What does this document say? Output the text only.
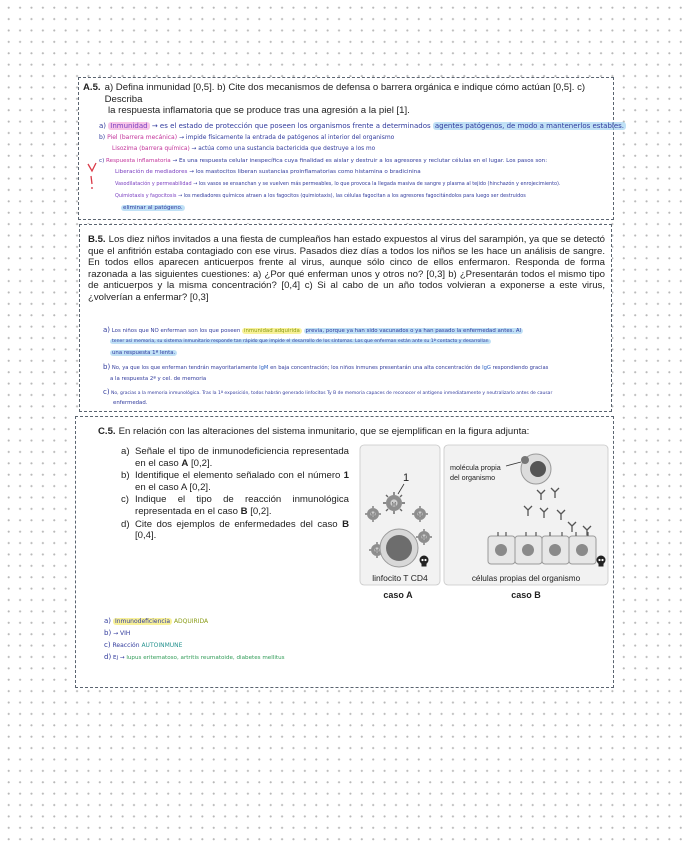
A.5. a) Defina inmunidad [0,5]. b) Cite dos mecanismos de defensa o barrera orgánica e indique cómo actúan [0,5]. c) Describa
la respuesta inflamatoria que se produce tras una agresión a la piel [1].
a) Inmunidad → es el estado de protección que poseen los organismos frente a determinados agentes patógenos, de modo a mantenerlos estables.
b) Piel (barrera mecánica) → impide físicamente la entrada de patógenos al interior del organismo
Lisozima (barrera química) → actúa como una sustancia bactericida que destruye a los mo
c) Respuesta inflamatoria → Es una respuesta celular inespecífica cuya finalidad es aislar y destruir a los agresores y reclutar células en el lugar. Los pasos son:
Liberación de mediadores → los mastocitos liberan sustancias proinflamatorias como histamina o bradicinina
Vasodilatación y permeabilidad → los vasos se ensanchan y se vuelven más permeables, lo que provoca la llegada masiva de sangre y plasma al tejido (hinchazón y enrojecimiento).
Quimiotaxis y fagocitosis → los mediadores químicos atraen a los fagocitos (quimiotaxis), las células fagocitan a los agresores fagocitándolos para luego ser destruidos
eliminar al patógeno.
B.5. Los diez niños invitados a una fiesta de cumpleaños han estado expuestos al virus del sarampión, ya que se detectó que el anfitrión estaba contagiado con ese virus. Pasados diez días a todos los niños se les hace un análisis de sangre. En todos ellos aparecen anticuerpos frente al virus, aunque sólo cinco de ellos enfermaron. Responda de forma razonada a las siguientes cuestiones: a) ¿Por qué enferman unos y otros no? [0,3] b) ¿Presentarán todos el mismo tipo de anticuerpos y la misma concentración? [0,4] c) Si al cabo de un año todos volvieran a exponerse a este virus, ¿volverían a enfermar? [0,3]
a) Los niños que NO enferman son los que poseen inmunidad adquirida previa, porque ya han sido vacunados o ya han pasado la enfermedad antes. Al
tener así memoria, su sistema inmunitario responde tan rápido que impide el desarrollo de los síntomas. Los que enferman están ante su 1ª contacto y desarrollan
una respuesta 1ª lenta.
b) No, ya que los que enferman tendrán mayoritariamente IgM en baja concentración; los niños inmunes presentarán una alta concentración de IgG respondiendo gracias
a la respuesta 2ª y cel. de memoria
c) No, gracias a la memoria inmunológica. Tras la 1ª exposición, todos habrán generado linfocitos Ty B de memoria capaces de reconocer el antígeno inmediatamente y neutralizarlo antes de causar
enfermedad.
C.5. En relación con las alteraciones del sistema inmunitario, que se ejemplifican en la figura adjunta:
a) Señale el tipo de inmunodeficiencia representada en el caso A [0,2].
b) Identifique el elemento señalado con el número 1 en el caso A [0,2].
c) Indique el tipo de reacción inmunológica representada en el caso B [0,2].
d) Cite dos ejemplos de enfermedades del caso B [0,4].
a) Inmunodeficiencia ADQUIRIDA
b) → VIH
c) Reacción AUTOINMUNE
d) Ej → lupus eritematoso, artritis reumatoide, diabetes mellitus
1
linfocito T CD4
molécula propia
del organismo
células propias del organismo
caso A	caso B
M
M	M
M
M
